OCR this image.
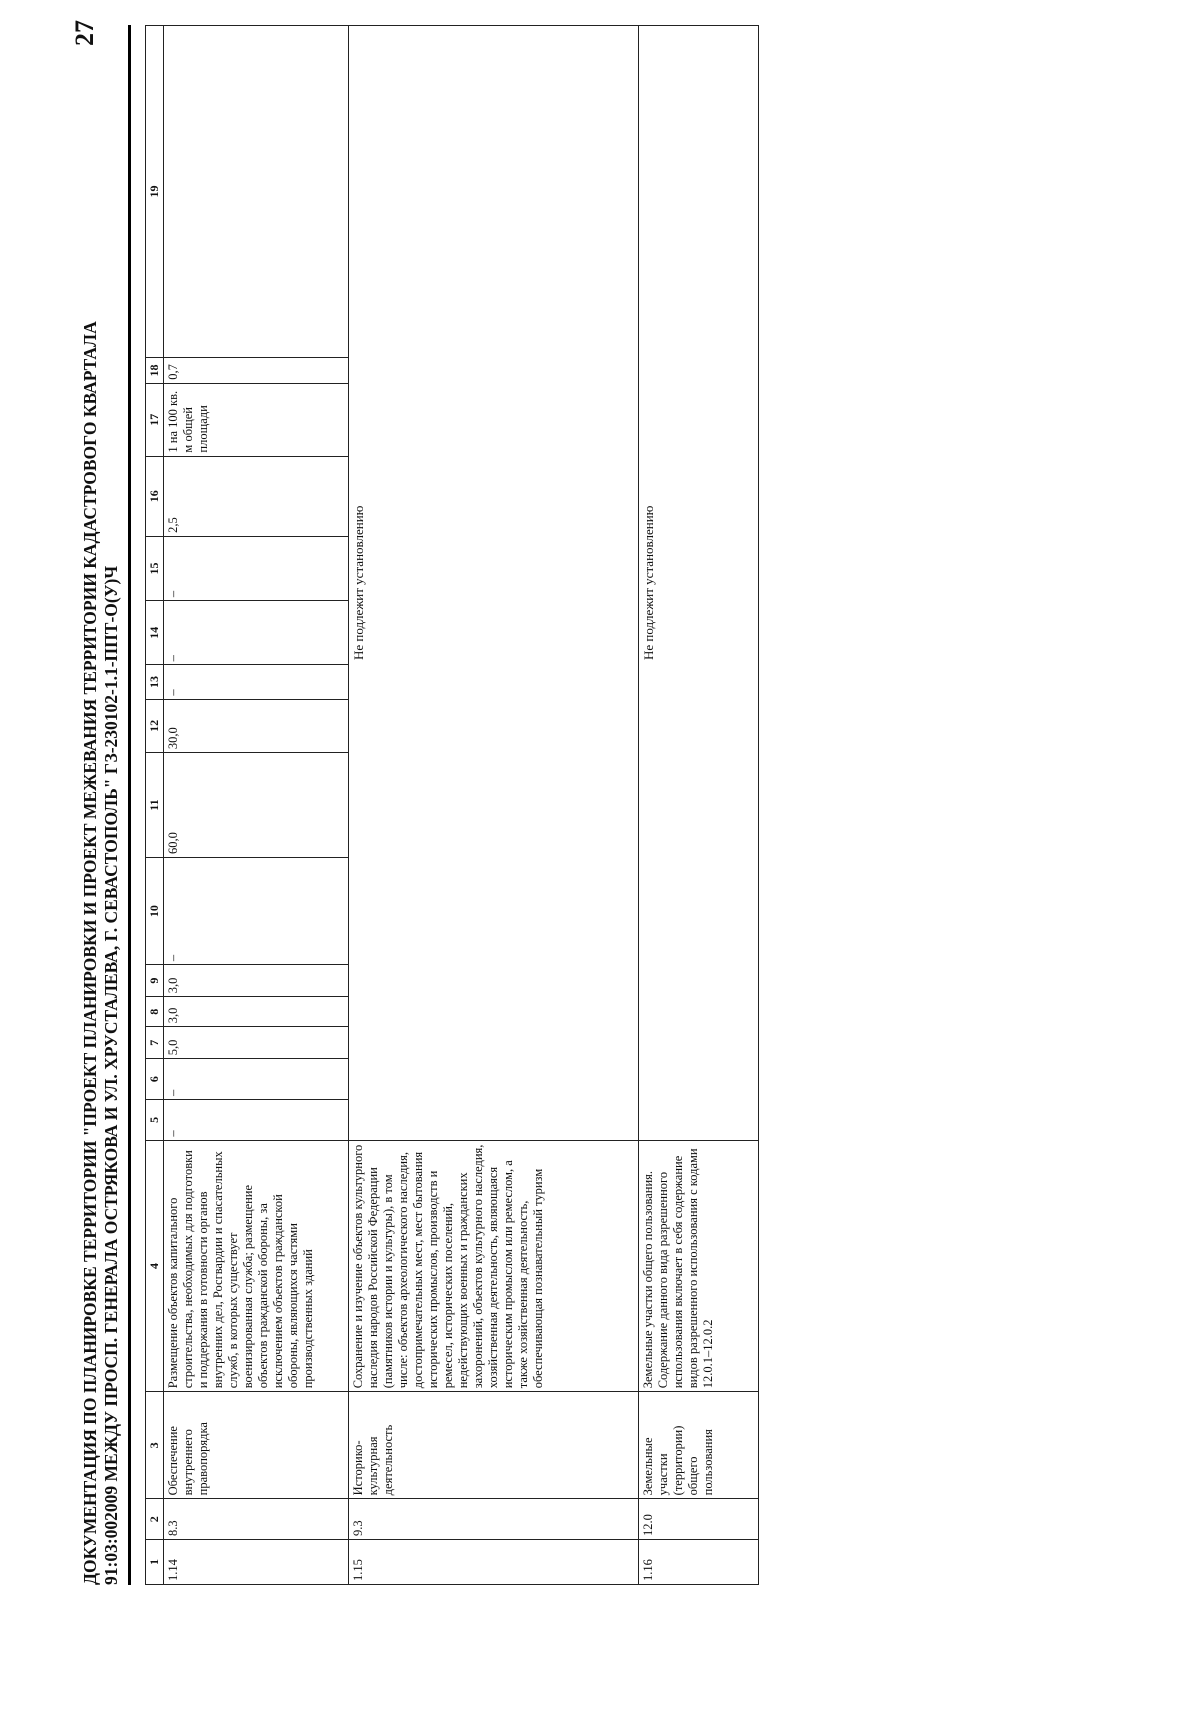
27
ДОКУМЕНТАЦИЯ ПО ПЛАНИРОВКЕ ТЕРРИТОРИИ "ПРОЕКТ ПЛАНИРОВКИ И ПРОЕКТ МЕЖЕВАНИЯ ТЕРРИТОРИИ КАДАСТРОВОГО КВАРТАЛА 91:03:002009 МЕЖДУ ПРОСП. ГЕНЕРАЛА ОСТРЯКОВА И УЛ. ХРУСТАЛЕВА, Г. СЕВАСТОПОЛЬ" ГЗ-230102-1.1-ППТ-О(У)Ч 1	2	3	4	5	6	7	8	9	10	11	12	13	14	15	16	17	18	19
1.14	8.3	Обеспечение внутреннего правопорядка	Размещение объектов капитального строительства, необходимых для подготовки и поддержания в готовности органов внутренних дел, Росгвардии и спасательных служб, в которых существует военизированная служба; размещение объектов гражданской обороны, за исключением объектов гражданской обороны, являющихся частями производственных зданий	–	–	5,0	3,0	3,0	–	60,0	30,0	–	–	–	2,5	1 на 100 кв. м общей площади	0,7	
1.15	9.3	Историко-культурная деятельность	Сохранение и изучение объектов культурного наследия народов Российской Федерации (памятников истории и культуры), в том числе: объектов археологического наследия, достопримечательных мест, мест бытования исторических промыслов, производств и ремесел, исторических поселений, недействующих военных и гражданских захоронений, объектов культурного наследия, хозяйственная деятельность, являющаяся историческим промыслом или ремеслом, а также хозяйственная деятельность, обеспечивающая познавательный туризм	Не подлежит установлению														
1.16	12.0	Земельные участки (территории) общего пользования	Земельные участки общего пользования. Содержание данного вида разрешенного использования включает в себя содержание видов разрешенного использования с кодами 12.0.1–12.0.2	Не подлежит установлению														
